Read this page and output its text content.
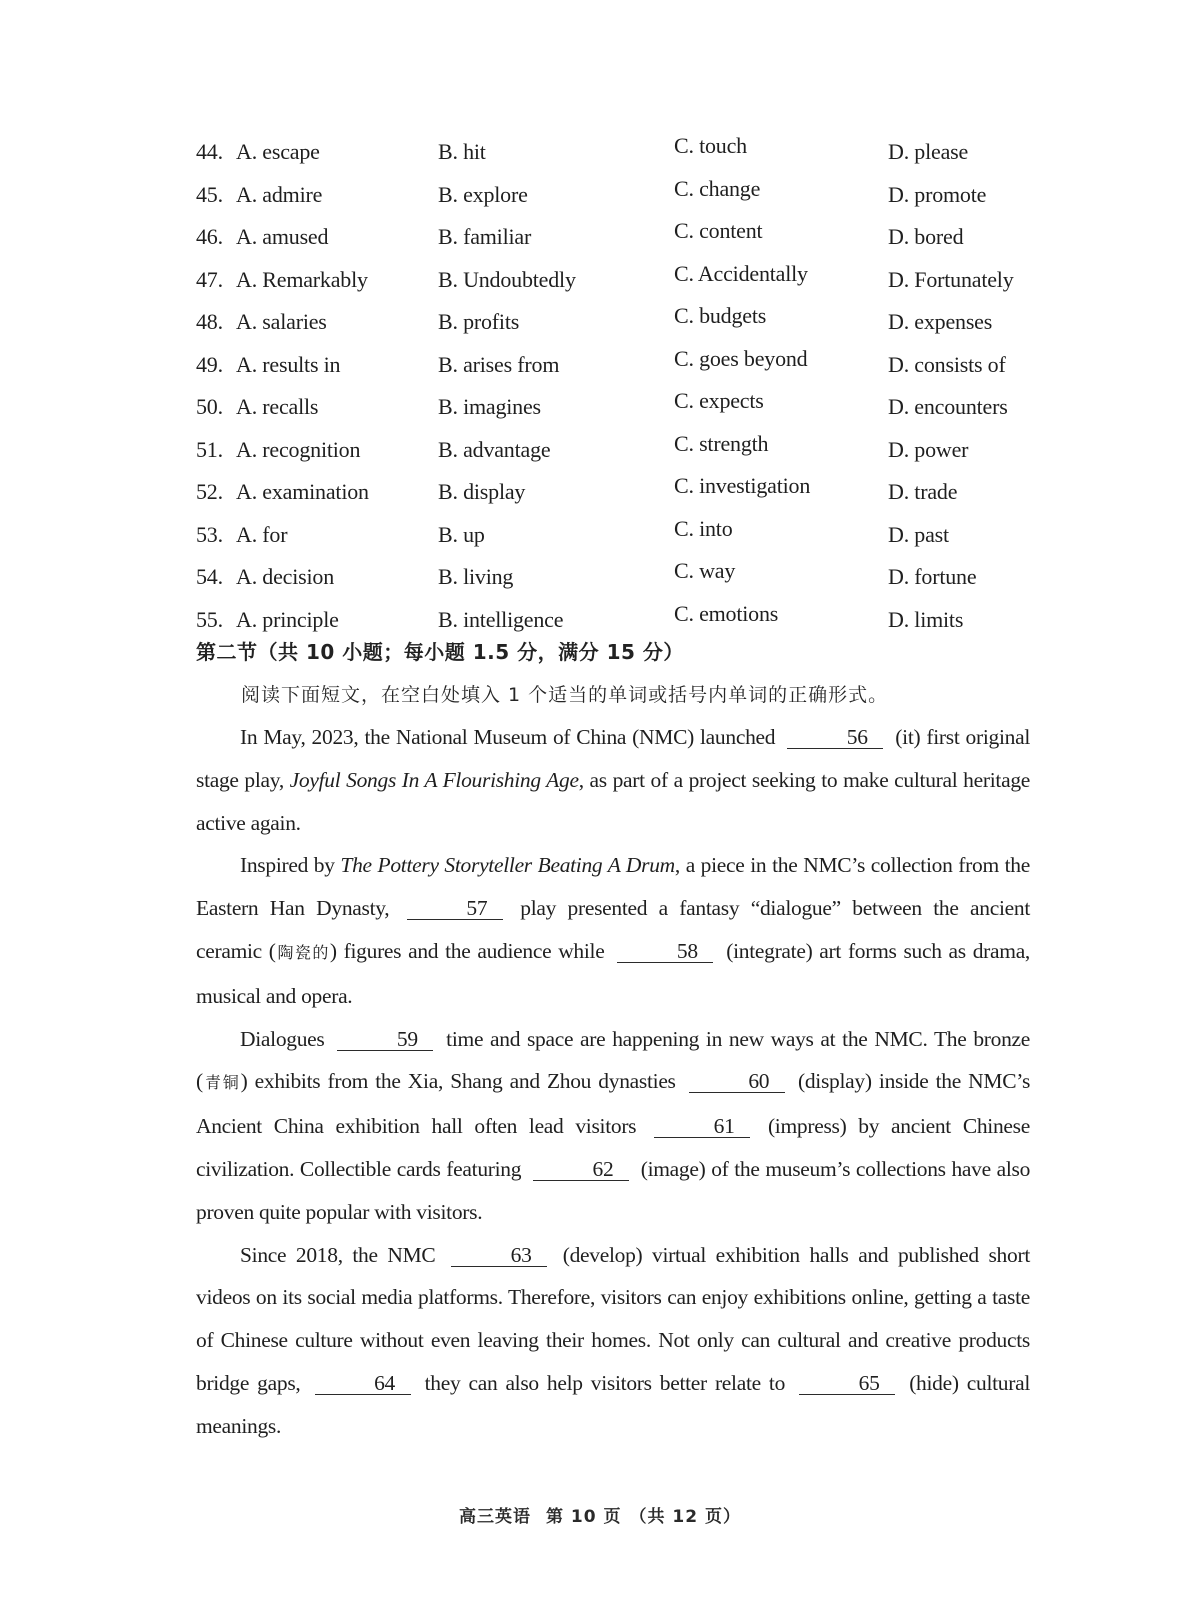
44. A. escape	B. hit	C. touch	D. please
45. A. admire	B. explore	C. change	D. promote
46. A. amused	B. familiar	C. content	D. bored
47. A. Remarkably	B. Undoubtedly	C. Accidentally	D. Fortunately
48. A. salaries	B. profits	C. budgets	D. expenses
49. A. results in	B. arises from	C. goes beyond	D. consists of
50. A. recalls	B. imagines	C. expects	D. encounters
51. A. recognition	B. advantage	C. strength	D. power
52. A. examination	B. display	C. investigation	D. trade
53. A. for	B. up	C. into	D. past
54. A. decision	B. living	C. way	D. fortune
55. A. principle	B. intelligence	C. emotions	D. limits
第二节（共 10 小题；每小题 1.5 分，满分 15 分）
阅读下面短文，在空白处填入 1 个适当的单词或括号内单词的正确形式。

In May, 2023, the National Museum of China (NMC) launched	56 (it) first original stage play, Joyful Songs In A Flourishing Age, as part of a project seeking to make cultural heritage active again.

Inspired by The Pottery Storyteller Beating A Drum, a piece in the NMC’s collection from the Eastern Han Dynasty,	57 play presented a fantasy “dialogue” between the ancient ceramic (陶瓷的) figures and the audience while	58 (integrate) art forms such as drama, musical and opera.

Dialogues	59 time and space are happening in new ways at the NMC. The bronze (青铜) exhibits from the Xia, Shang and Zhou dynasties	60 (display) inside the NMC’s Ancient China exhibition hall often lead visitors	61 (impress) by ancient Chinese civilization. Collectible cards featuring	62 (image) of the museum’s collections have also proven quite popular with visitors.

Since 2018, the NMC	63 (develop) virtual exhibition halls and published short videos on its social media platforms. Therefore, visitors can enjoy exhibitions online, getting a taste of Chinese culture without even leaving their homes. Not only can cultural and creative products bridge gaps,	64 they can also help visitors better relate to	65 (hide) cultural meanings.

高三英语 第 10 页 （共 12 页）
